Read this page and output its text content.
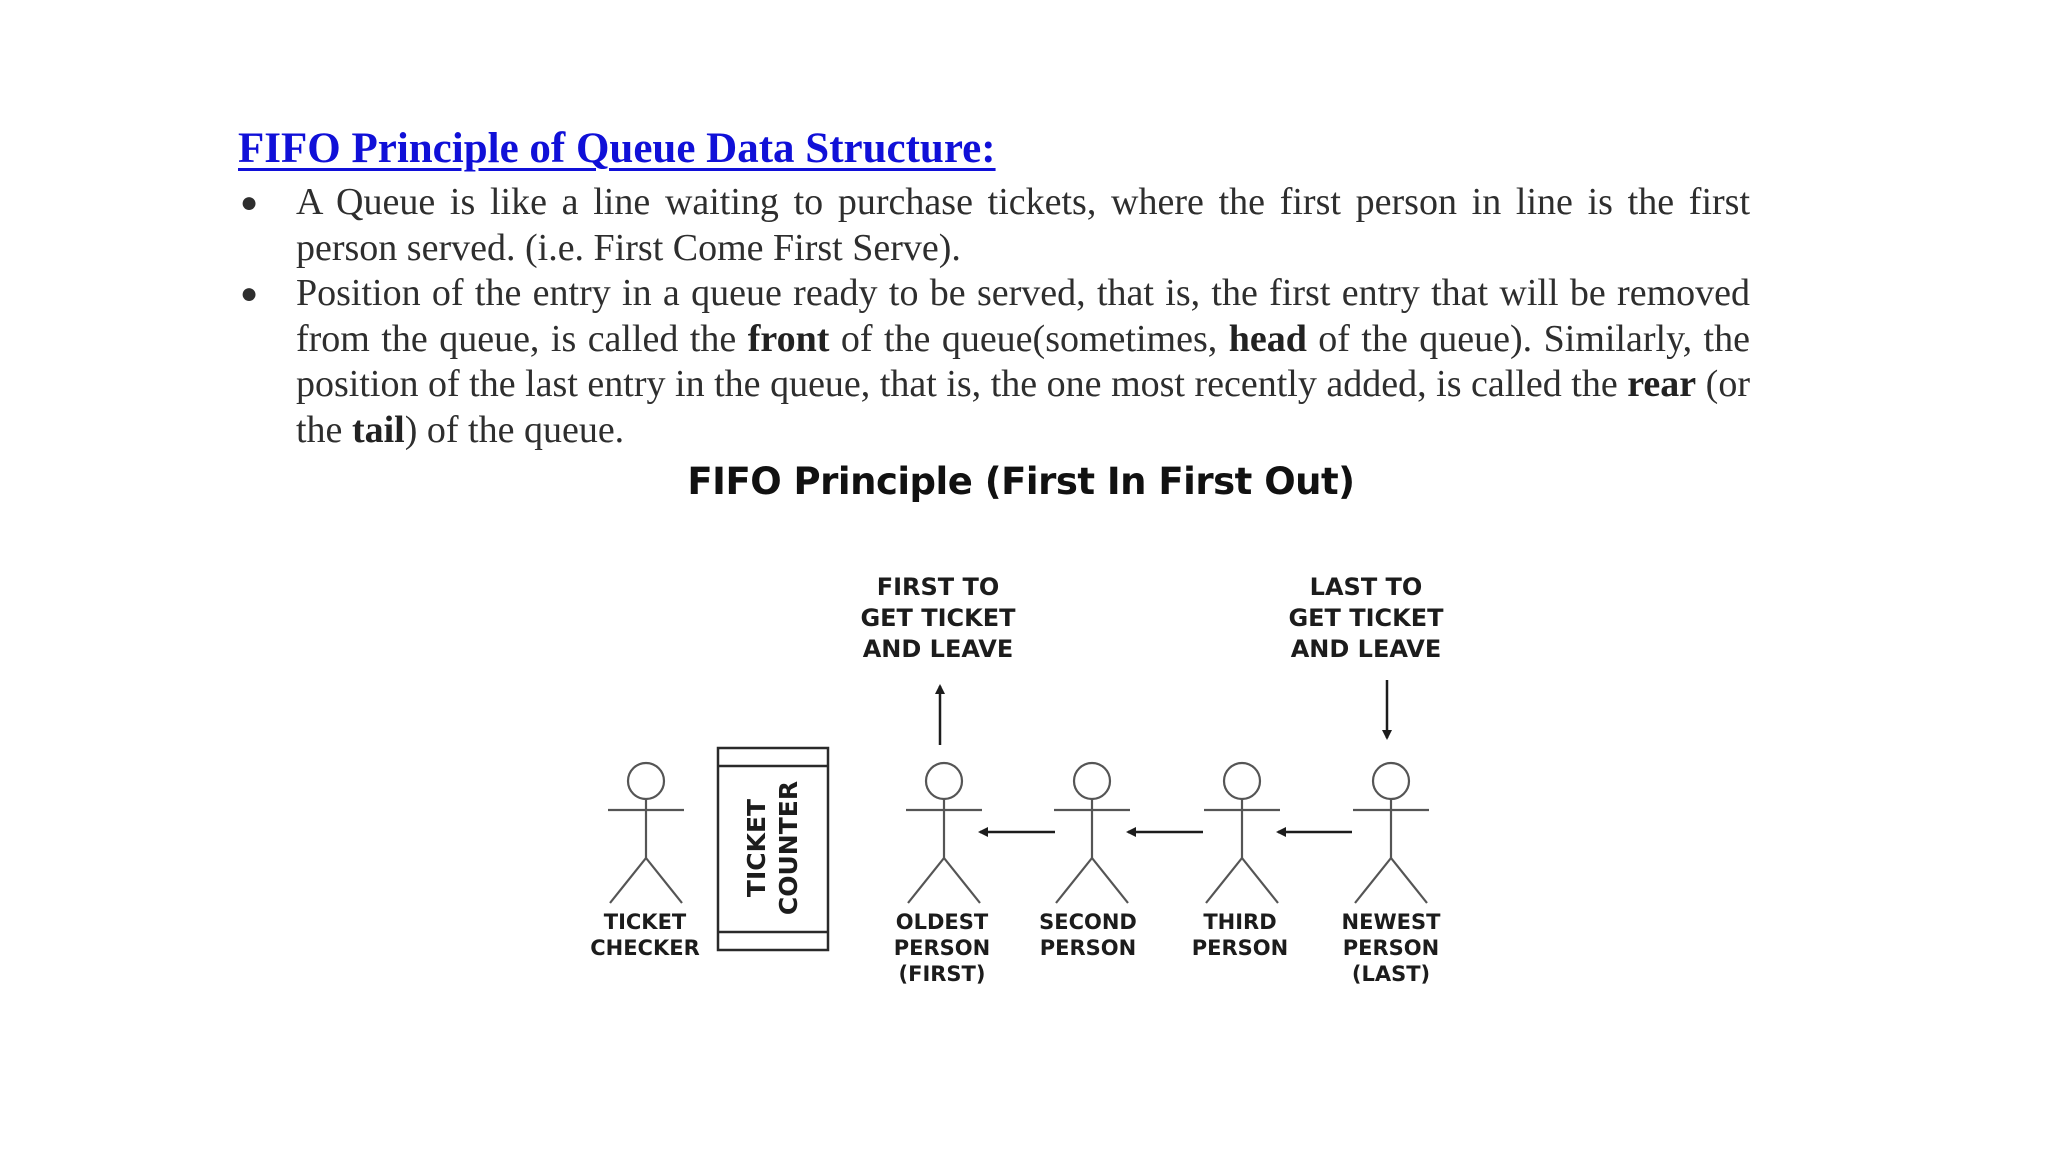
FIFO Principle of Queue Data Structure:
● A Queue is like a line waiting to purchase tickets, where the first person in line is the first person served. (i.e. First Come First Serve).
● Position of the entry in a queue ready to be served, that is, the first entry that will be removed from the queue, is called the front of the queue(sometimes, head of the queue). Similarly, the position of the last entry in the queue, that is, the one most recently added, is called the rear (or the tail) of the queue.
FIFO Principle (First In First Out)
FIRST TO
GET TICKET
AND LEAVE
LAST TO
GET TICKET
AND LEAVE
TICKET COUNTER
TICKET
CHECKER
OLDEST
PERSON
(FIRST)
SECOND
PERSON
THIRD
PERSON
NEWEST
PERSON
(LAST)
